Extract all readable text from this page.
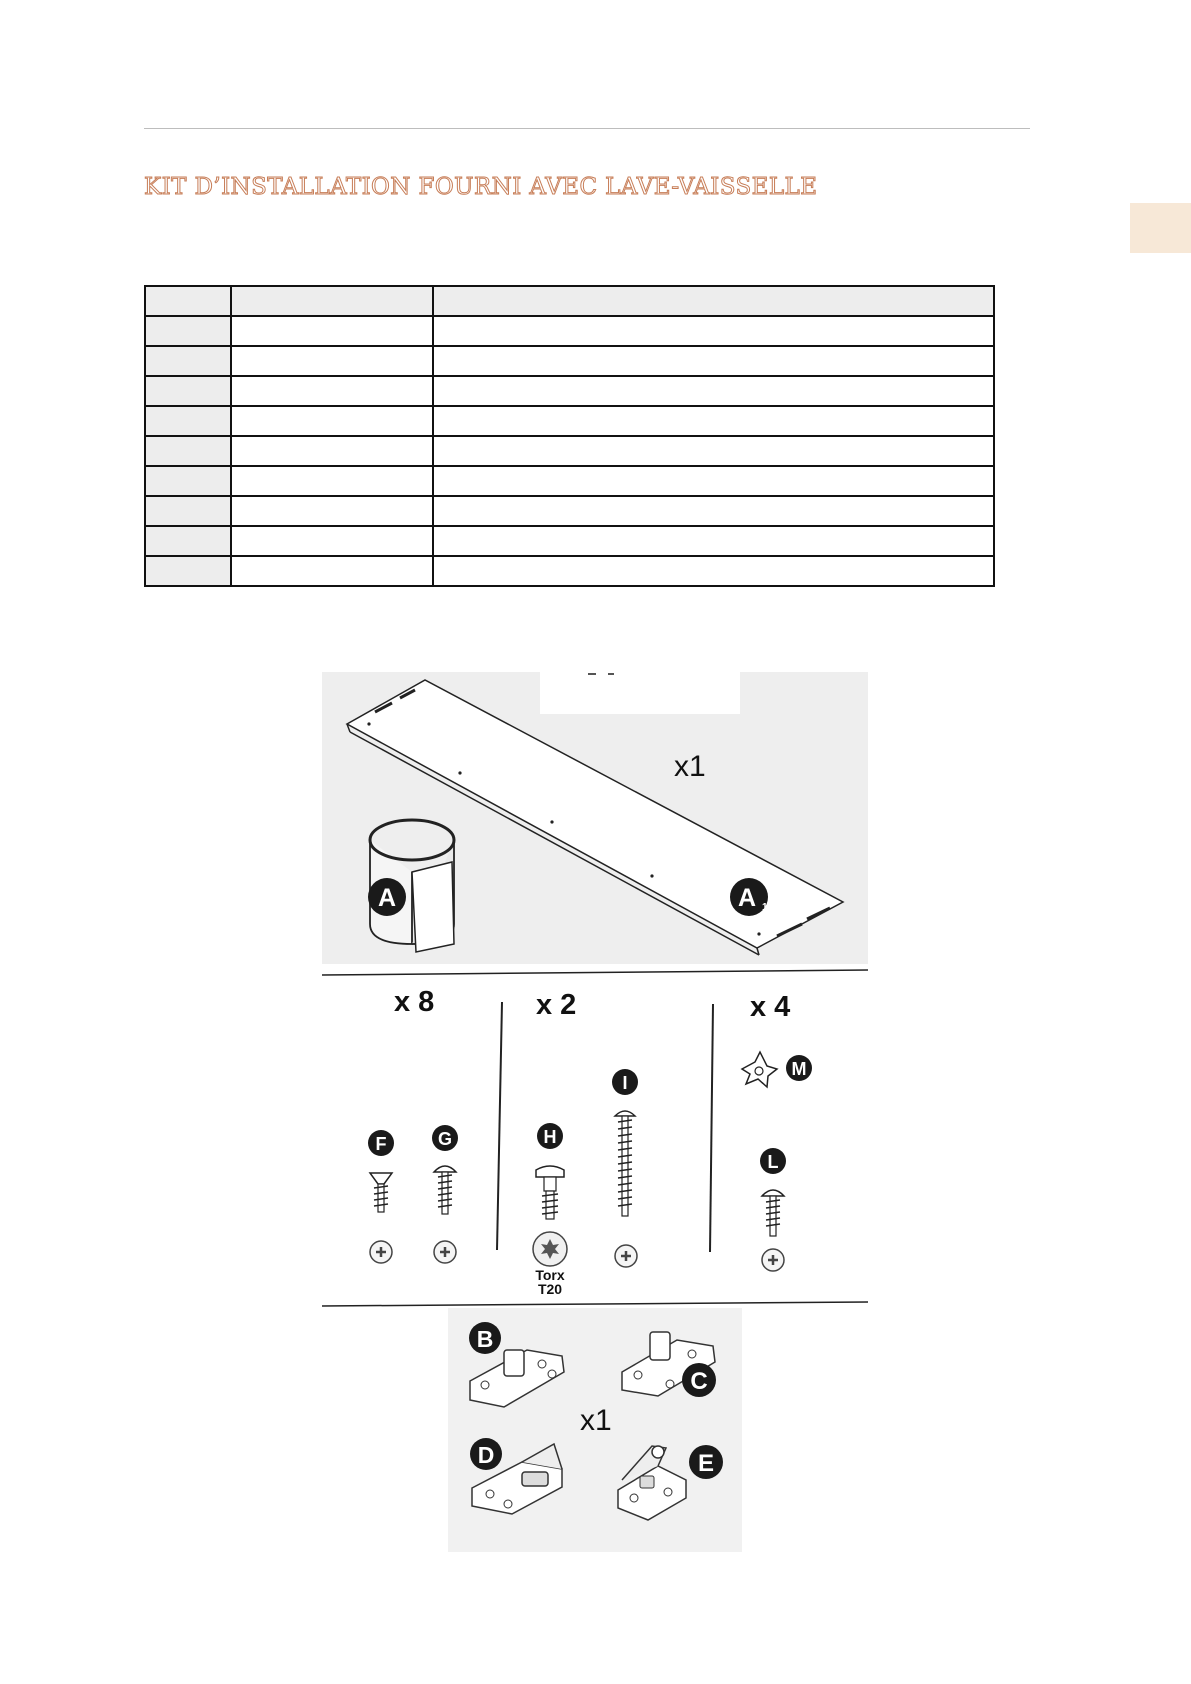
KIT D’INSTALLATION FOURNI AVEC LAVE-VAISSELLE

x1
A	A 1
x 8	x 2	x 4
F	G	H
Torx
T20
I
M
L
B
C
x1
D	E
